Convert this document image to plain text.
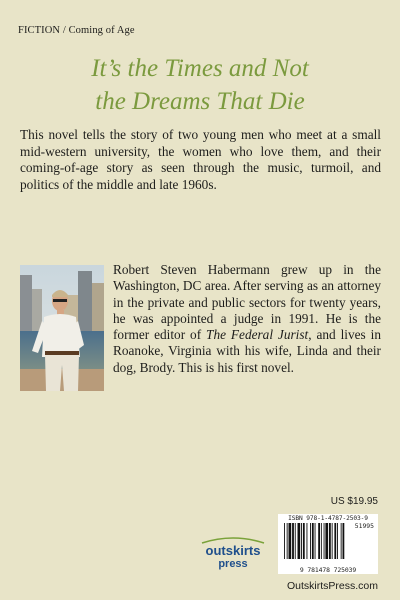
FICTION / Coming of Age
It’s the Times and Not
the Dreams That Die
This novel tells the story of two young men who meet at a small mid-western university, the women who love them, and their coming-of-age story as seen through the music, turmoil, and politics of the middle and late 1960s.
Robert Steven Habermann grew up in the Washington, DC area. After serving as an attorney in the private and public sectors for twenty years, he was appointed a judge in 1991. He is the former editor of The Federal Jurist, and lives in Roanoke, Virginia with his wife, Linda and their dog, Brody. This is his first novel.
US $19.95
outskirts
press
ISBN 978-1-4787-2503-9
51995
9 781478 725039
OutskirtsPress.com
